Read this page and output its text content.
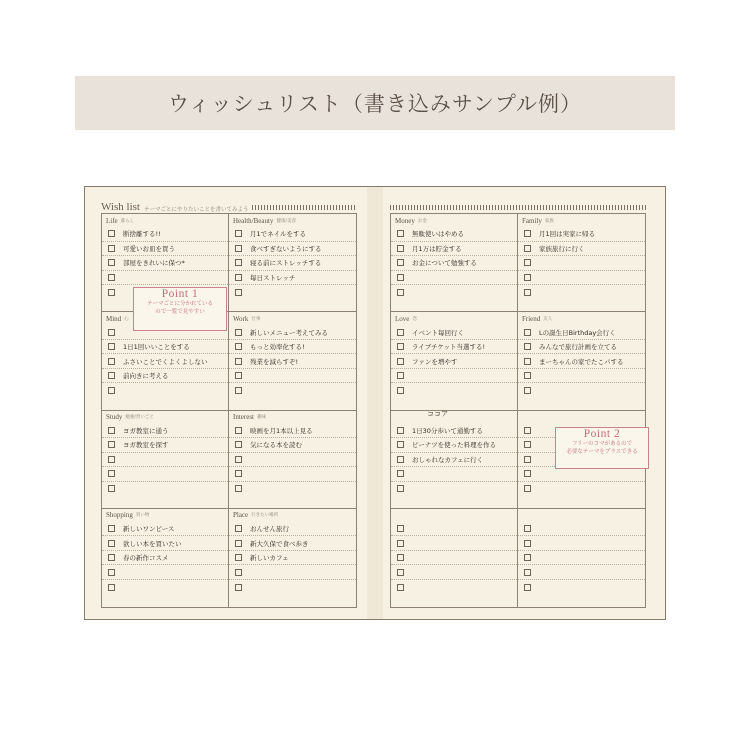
ウィッシュリスト（書き込みサンプル例）
Wish list テーマごとにやりたいことを書いてみよう
Life 暮らし
断捨離する!!
可愛いお皿を買う
部屋をきれいに保つ*
Health/Beauty 健康/美容
月1でネイルをする
食べすぎないようにする
寝る前にストレッチする
毎日ストレッチ
Mind 心
1日1回いいことをする
ふさいことでくよくよしない
前向きに考える
Work 仕事
新しいメニュー考えてみる
もっと効率化する!
残業を減らすぞ!
Study 勉強/習いごと
ヨガ教室に通う
ヨガ教室を探す
Interest 趣味
映画を月1本以上見る
気になる本を読む
Shopping 買い物
新しいワンピース
欲しい本を買いたい
春の新作コスメ
Place 行きたい場所
おんせん旅行
新大久保で食べ歩き
新しいカフェ
Money お金
無駄使いはやめる
月1万は貯金する
お金について勉強する
Family 家族
月1回は実家に帰る
家族旅行に行く
Love 恋
イベント毎回行く
ライブチケット当選する!
ファンを増やす
Friend 友人
Lの誕生日Birthday会行く
みんなで旅行計画を立てる
まーちゃんの家でたこパする
1日30分歩いて通勤する
ピーナツを使った料理を作る
おしゃれなカフェに行く
Point 1
テーマごとに分かれている
ので一覧で見やすい
Point 2
フリーのコマがあるので
必要なテーマをプラスできる
ココア
